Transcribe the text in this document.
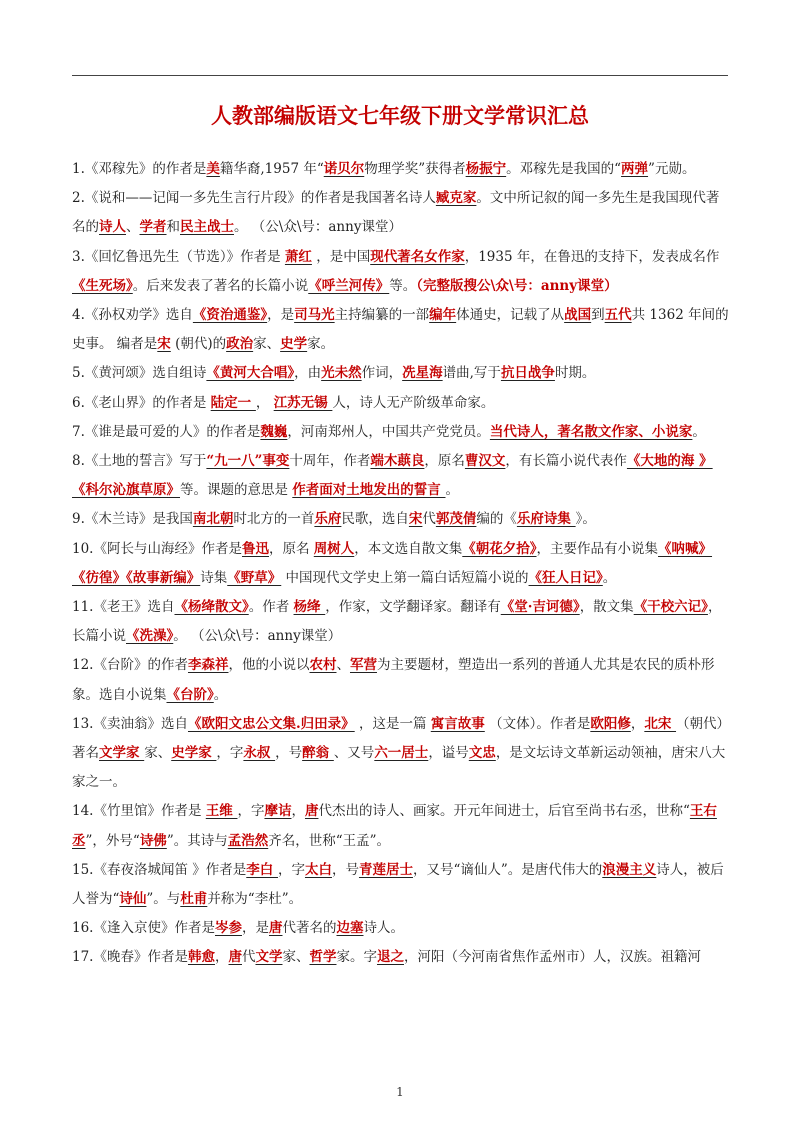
人教部编版语文七年级下册文学常识汇总

1.《邓稼先》的作者是美籍华裔,1957 年“诺贝尔物理学奖”获得者杨振宁。邓稼先是我国的“两弹”元勋。

2.《说和——记闻一多先生言行片段》的作者是我国著名诗人臧克家。文中所记叙的闻一多先生是我国现代著名的诗人、学者和民主战士。 （公\众\号：anny课堂）

3.《回忆鲁迅先生（节选）》作者是 萧红 ，是中国现代著名女作家，1935 年，在鲁迅的支持下，发表成名作《生死场》。后来发表了著名的长篇小说《呼兰河传》等。（完整版搜公\众\号：anny课堂）

4.《孙权劝学》选自《资治通鉴》，是司马光主持编纂的一部编年体通史，记载了从战国到五代共 1362 年间的史事。 编者是宋 (朝代)的政治家、史学家。

5.《黄河颂》选自组诗《黄河大合唱》，由光未然作词，冼星海谱曲,写于抗日战争时期。

6.《老山界》的作者是 陆定一 ， 江苏无锡 人，诗人无产阶级革命家。

7.《谁是最可爱的人》的作者是魏巍，河南郑州人，中国共产党党员。当代诗人，著名散文作家、小说家。

8.《土地的誓言》写于“九一八”事变十周年，作者端木蕻良，原名曹汉文，有长篇小说代表作《大地的海 》《科尔沁旗草原》等。课题的意思是 作者面对土地发出的誓言 。

9.《木兰诗》是我国南北朝时北方的一首乐府民歌，选自宋代郭茂倩编的《乐府诗集 》。

10.《阿长与山海经》作者是鲁迅，原名 周树人，本文选自散文集《朝花夕拾》，主要作品有小说集《呐喊》《彷徨》《故事新编》诗集《野草》 中国现代文学史上第一篇白话短篇小说的《狂人日记》。

11.《老王》选自《杨绛散文》。作者 杨绛 ，作家，文学翻译家。翻译有《堂·吉诃德》，散文集《干校六记》，长篇小说《洗澡》。 （公\众\号：anny课堂）

12.《台阶》的作者李森祥，他的小说以农村、军营为主要题材，塑造出一系列的普通人尤其是农民的质朴形象。选自小说集《台阶》。

13.《卖油翁》选自《欧阳文忠公文集.归田录》 ，这是一篇 寓言故事 （文体）。作者是欧阳修，北宋 （朝代）著名文学家 家、史学家 ，字永叔 ，号醉翁 、又号六一居士，谥号文忠，是文坛诗文革新运动领袖，唐宋八大家之一。

14.《竹里馆》作者是 王维 ，字摩诘，唐代杰出的诗人、画家。开元年间进士，后官至尚书右丞，世称“王右丞”，外号“诗佛”。其诗与孟浩然齐名，世称“王孟”。

15.《春夜洛城闻笛 》作者是李白 ，字太白，号青莲居士，又号“谪仙人”。是唐代伟大的浪漫主义诗人，被后人誉为“诗仙”。与杜甫并称为“李杜”。

16.《逢入京使》作者是岑参，是唐代著名的边塞诗人。

17.《晚春》作者是韩愈，唐代文学家、哲学家。字退之，河阳（今河南省焦作孟州市）人，汉族。祖籍河

1
